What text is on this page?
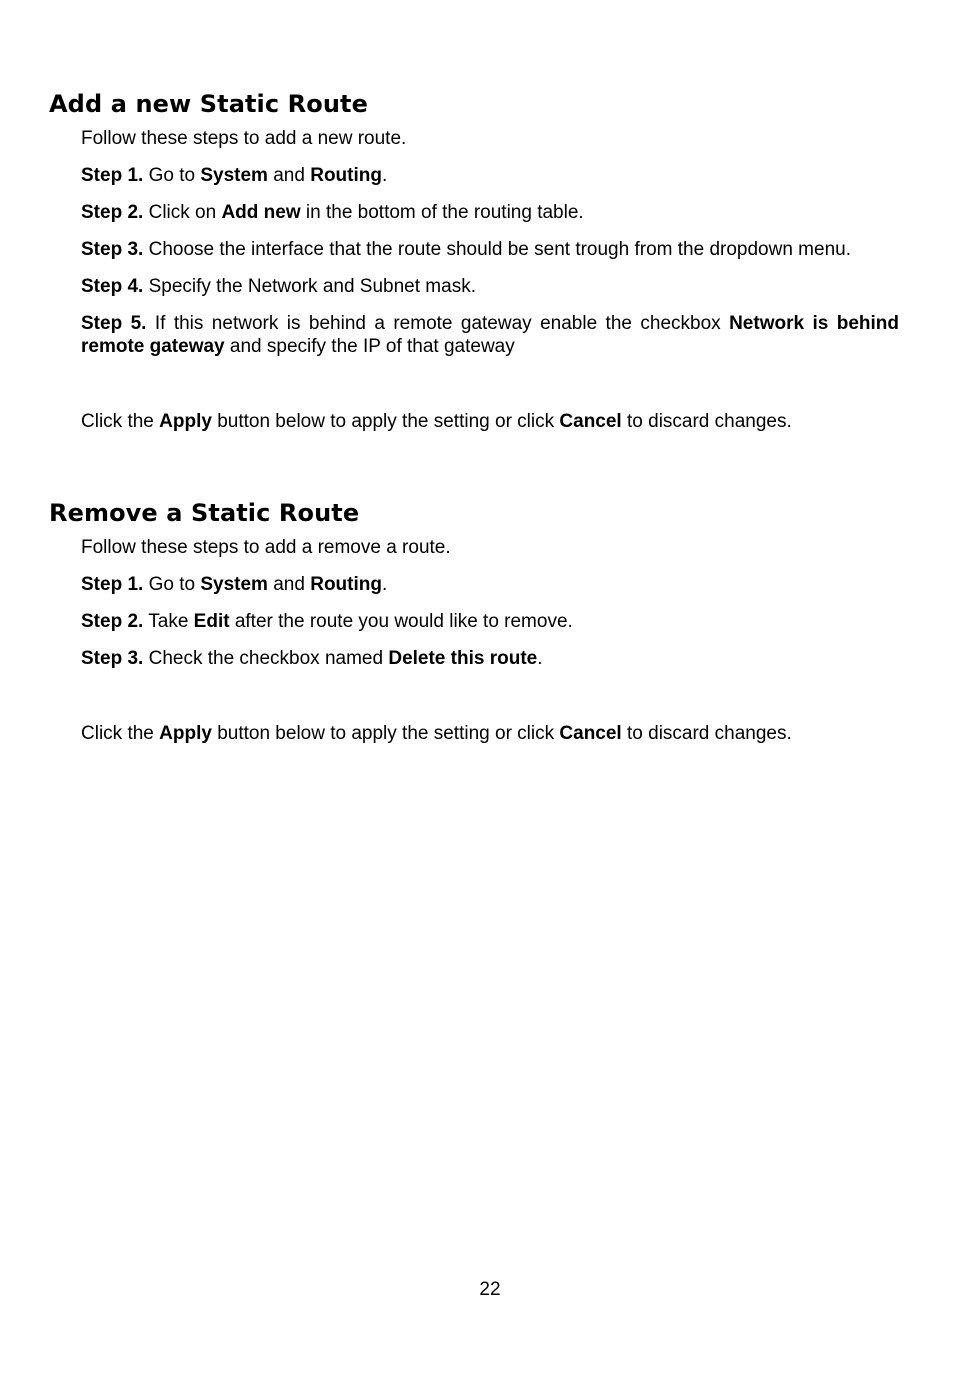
Add a new Static Route

Follow these steps to add a new route.

Step 1. Go to System and Routing.

Step 2. Click on Add new in the bottom of the routing table.

Step 3. Choose the interface that the route should be sent trough from the dropdown menu.

Step 4. Specify the Network and Subnet mask.

Step 5. If this network is behind a remote gateway enable the checkbox Network is behind remote gateway and specify the IP of that gateway

Click the Apply button below to apply the setting or click Cancel to discard changes.

Remove a Static Route

Follow these steps to add a remove a route.

Step 1. Go to System and Routing.

Step 2. Take Edit after the route you would like to remove.

Step 3. Check the checkbox named Delete this route.

Click the Apply button below to apply the setting or click Cancel to discard changes.

22
